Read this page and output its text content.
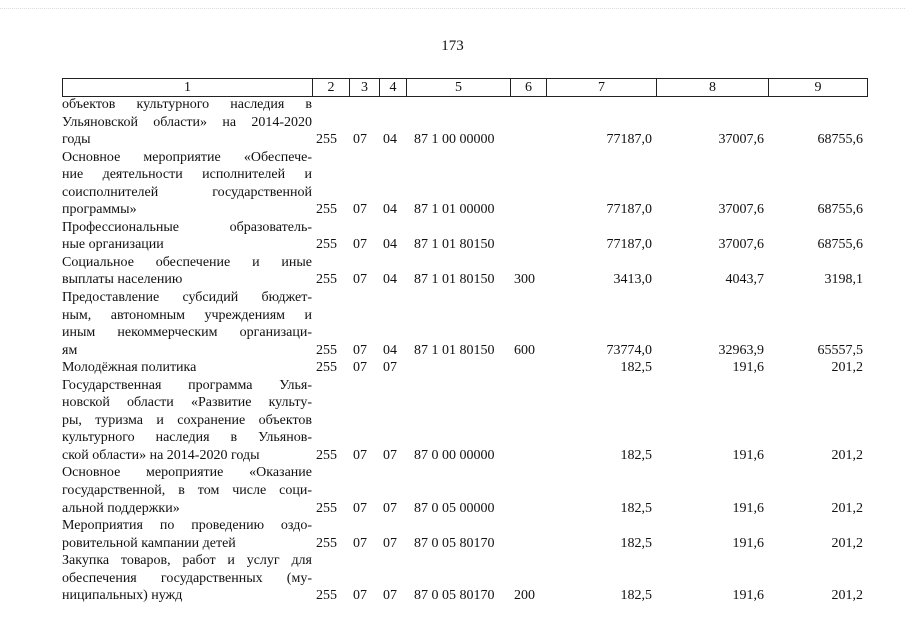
173
1	2	3	4	5	6	7	8	9
объектов культурного наследия в
Ульяновской области» на 2014-2020
годы	255	07	04	87 1 00 00000		77187,0	37007,6	68755,6

Основное мероприятие «Обеспече-
ние деятельности исполнителей и
соисполнителей государственной
программы»	255	07	04	87 1 01 00000		77187,0	37007,6	68755,6

Профессиональные образователь-
ные организации	255	07	04	87 1 01 80150		77187,0	37007,6	68755,6

Социальное обеспечение и иные
выплаты населению	255	07	04	87 1 01 80150	300	3413,0	4043,7	3198,1

Предоставление субсидий бюджет-
ным, автономным учреждениям и
иным некоммерческим организаци-
ям	255	07	04	87 1 01 80150	600	73774,0	32963,9	65557,5

Молодёжная политика	255	07	07			182,5	191,6	201,2

Государственная программа Улья-
новской области «Развитие культу-
ры, туризма и сохранение объектов
культурного наследия в Ульянов-
ской области» на 2014-2020 годы	255	07	07	87 0 00 00000		182,5	191,6	201,2

Основное мероприятие «Оказание
государственной, в том числе соци-
альной поддержки»	255	07	07	87 0 05 00000		182,5	191,6	201,2

Мероприятия по проведению оздо-
ровительной кампании детей	255	07	07	87 0 05 80170		182,5	191,6	201,2

Закупка товаров, работ и услуг для
обеспечения государственных (му-
ниципальных) нужд	255	07	07	87 0 05 80170	200	182,5	191,6	201,2
